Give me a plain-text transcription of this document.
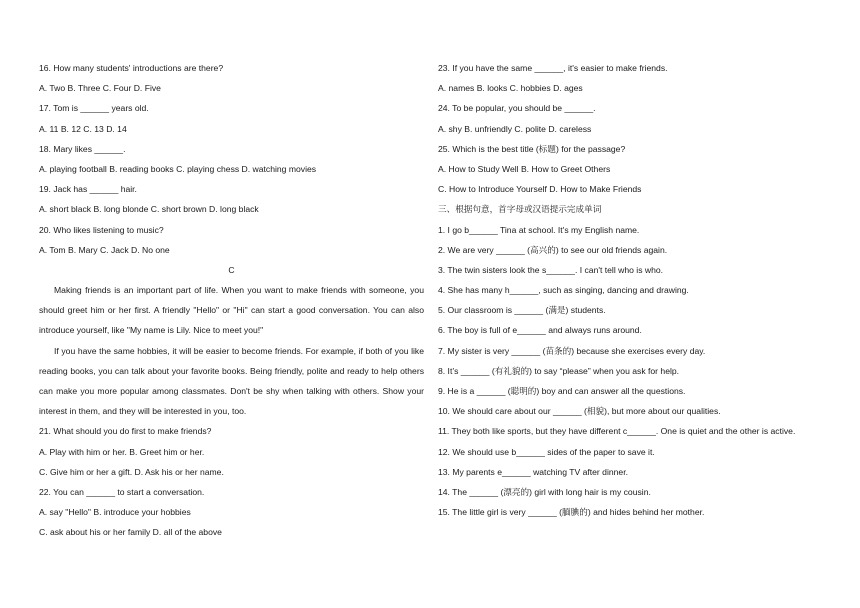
16. How many students' introductions are there?
A. Two B. Three C. Four D. Five
17. Tom is ______ years old.
A. 11 B. 12 C. 13 D. 14
18. Mary likes ______.
A. playing football B. reading books C. playing chess D. watching movies
19. Jack has ______ hair.
A. short black B. long blonde C. short brown D. long black
20. Who likes listening to music?
A. Tom B. Mary C. Jack D. No one
C

Making friends is an important part of life. When you want to make friends with someone, you should greet him or her first. A friendly "Hello" or "Hi" can start a good conversation. You can also introduce yourself, like "My name is Lily. Nice to meet you!"

If you have the same hobbies, it will be easier to become friends. For example, if both of you like reading books, you can talk about your favorite books. Being friendly, polite and ready to help others can make you more popular among classmates. Don't be shy when talking with others. Show your interest in them, and they will be interested in you, too.

21. What should you do first to make friends?
A. Play with him or her. B. Greet him or her.
C. Give him or her a gift. D. Ask his or her name.
22. You can ______ to start a conversation.
A. say "Hello" B. introduce your hobbies
C. ask about his or her family D. all of the above
23. If you have the same ______, it's easier to make friends.
A. names B. looks C. hobbies D. ages
24. To be popular, you should be ______.
A. shy B. unfriendly C. polite D. careless
25. Which is the best title (标题) for the passage?
A. How to Study Well B. How to Greet Others
C. How to Introduce Yourself D. How to Make Friends
三、根据句意，首字母或汉语提示完成单词
1. I go b______ Tina at school. It's my English name.
2. We are very ______ (高兴的) to see our old friends again.
3. The twin sisters look the s______. I can't tell who is who.
4. She has many h______, such as singing, dancing and drawing.
5. Our classroom is ______ (满是) students.
6. The boy is full of e______ and always runs around.
7. My sister is very ______ (苗条的) because she exercises every day.
8. It’s ______ (有礼貌的) to say “please” when you ask for help.
9. He is a ______ (聪明的) boy and can answer all the questions.
10. We should care about our ______ (相貌), but more about our qualities.

11. They both like sports, but they have different c______. One is quiet and the other is active.

12. We should use b______ sides of the paper to save it.
13. My parents e______ watching TV after dinner.
14. The ______ (漂亮的) girl with long hair is my cousin.
15. The little girl is very ______ (腼腆的) and hides behind her mother.
